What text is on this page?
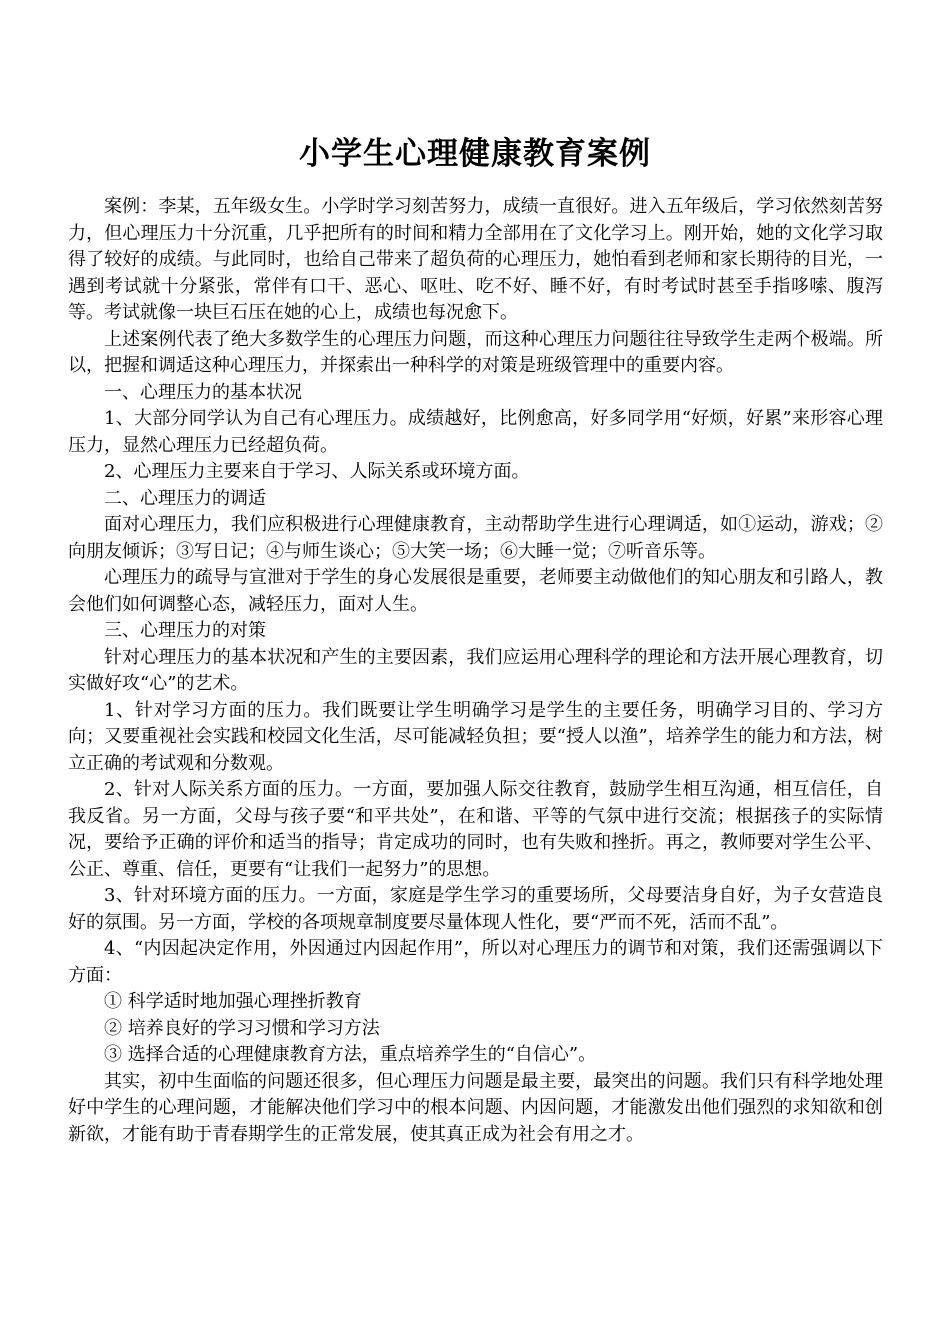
小学生心理健康教育案例

案例：李某，五年级女生。小学时学习刻苦努力，成绩一直很好。进入五年级后，学习依然刻苦努力，但心理压力十分沉重，几乎把所有的时间和精力全部用在了文化学习上。刚开始，她的文化学习取得了较好的成绩。与此同时，也给自己带来了超负荷的心理压力，她怕看到老师和家长期待的目光，一遇到考试就十分紧张，常伴有口干、恶心、呕吐、吃不好、睡不好，有时考试时甚至手指哆嗦、腹泻等。考试就像一块巨石压在她的心上，成绩也每况愈下。

上述案例代表了绝大多数学生的心理压力问题，而这种心理压力问题往往导致学生走两个极端。所以，把握和调适这种心理压力，并探索出一种科学的对策是班级管理中的重要内容。

一、心理压力的基本状况

1、大部分同学认为自己有心理压力。成绩越好，比例愈高，好多同学用“好烦，好累”来形容心理压力，显然心理压力已经超负荷。

2、心理压力主要来自于学习、人际关系或环境方面。

二、心理压力的调适

面对心理压力，我们应积极进行心理健康教育，主动帮助学生进行心理调适，如①运动，游戏；②向朋友倾诉；③写日记；④与师生谈心；⑤大笑一场；⑥大睡一觉；⑦听音乐等。

心理压力的疏导与宣泄对于学生的身心发展很是重要，老师要主动做他们的知心朋友和引路人，教会他们如何调整心态，减轻压力，面对人生。

三、心理压力的对策

针对心理压力的基本状况和产生的主要因素，我们应运用心理科学的理论和方法开展心理教育，切实做好攻“心”的艺术。

1、针对学习方面的压力。我们既要让学生明确学习是学生的主要任务，明确学习目的、学习方向；又要重视社会实践和校园文化生活，尽可能减轻负担；要“授人以渔”，培养学生的能力和方法，树立正确的考试观和分数观。

2、针对人际关系方面的压力。一方面，要加强人际交往教育，鼓励学生相互沟通，相互信任，自我反省。另一方面，父母与孩子要“和平共处”，在和谐、平等的气氛中进行交流；根据孩子的实际情况，要给予正确的评价和适当的指导；肯定成功的同时，也有失败和挫折。再之，教师要对学生公平、公正、尊重、信任，更要有“让我们一起努力”的思想。

3、针对环境方面的压力。一方面，家庭是学生学习的重要场所，父母要洁身自好，为子女营造良好的氛围。另一方面，学校的各项规章制度要尽量体现人性化，要“严而不死，活而不乱”。

4、“内因起决定作用，外因通过内因起作用”，所以对心理压力的调节和对策，我们还需强调以下方面：

① 科学适时地加强心理挫折教育

② 培养良好的学习习惯和学习方法

③ 选择合适的心理健康教育方法，重点培养学生的“自信心”。

其实，初中生面临的问题还很多，但心理压力问题是最主要，最突出的问题。我们只有科学地处理好中学生的心理问题，才能解决他们学习中的根本问题、内因问题，才能激发出他们强烈的求知欲和创新欲，才能有助于青春期学生的正常发展，使其真正成为社会有用之才。
